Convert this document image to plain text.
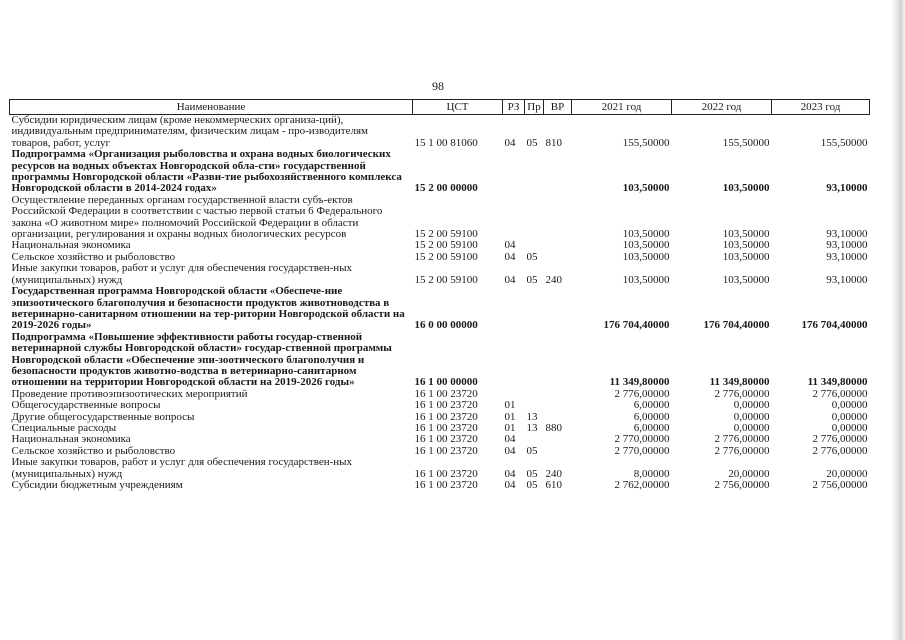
98
Наименование	ЦСТ	РЗ	Пр	ВР	2021 год	2022 год	2023 год
Субсидии юридическим лицам (кроме некоммерческих организа-ций), индивидуальным предпринимателям, физическим лицам - про-изводителям товаров, работ, услуг	15 1 00 81060	04	05	810	155,50000	155,50000	155,50000
Подпрограмма «Организация рыболовства и охрана водных биологических ресурсов на водных объектах Новгородской обла-сти» государственной программы Новгородской области «Разви-тие рыбохозяйственного комплекса Новгородской области в 2014-2024 годах»	15 2 00 00000				103,50000	103,50000	93,10000
Осуществление переданных органам государственной власти субъ-ектов Российской Федерации в соответствии с частью первой статьи 6 Федерального закона «О животном мире» полномочий Российской Федерации в области организации, регулирования и охраны водных биологических ресурсов	15 2 00 59100				103,50000	103,50000	93,10000
Национальная экономика	15 2 00 59100	04			103,50000	103,50000	93,10000
Сельское хозяйство и рыболовство	15 2 00 59100	04	05		103,50000	103,50000	93,10000
Иные закупки товаров, работ и услуг для обеспечения государствен-ных (муниципальных) нужд	15 2 00 59100	04	05	240	103,50000	103,50000	93,10000
Государственная программа Новгородской области «Обеспече-ние эпизоотического благополучия и безопасности продуктов животноводства в ветеринарно-санитарном отношении на тер-ритории Новгородской области на 2019-2026 годы»	16 0 00 00000				176 704,40000	176 704,40000	176 704,40000
Подпрограмма «Повышение эффективности работы государ-ственной ветеринарной службы Новгородской области» государ-ственной программы Новгородской области «Обеспечение эпи-зоотического благополучия и безопасности продуктов животно-водства в ветеринарно-санитарном отношении на территории Новгородской области на 2019-2026 годы»	16 1 00 00000				11 349,80000	11 349,80000	11 349,80000
Проведение противоэпизоотических мероприятий	16 1 00 23720				2 776,00000	2 776,00000	2 776,00000
Общегосударственные вопросы	16 1 00 23720	01			6,00000	0,00000	0,00000
Другие общегосударственные вопросы	16 1 00 23720	01	13		6,00000	0,00000	0,00000
Специальные расходы	16 1 00 23720	01	13	880	6,00000	0,00000	0,00000
Национальная экономика	16 1 00 23720	04			2 770,00000	2 776,00000	2 776,00000
Сельское хозяйство и рыболовство	16 1 00 23720	04	05		2 770,00000	2 776,00000	2 776,00000
Иные закупки товаров, работ и услуг для обеспечения государствен-ных (муниципальных) нужд	16 1 00 23720	04	05	240	8,00000	20,00000	20,00000
Субсидии бюджетным учреждениям	16 1 00 23720	04	05	610	2 762,00000	2 756,00000	2 756,00000
